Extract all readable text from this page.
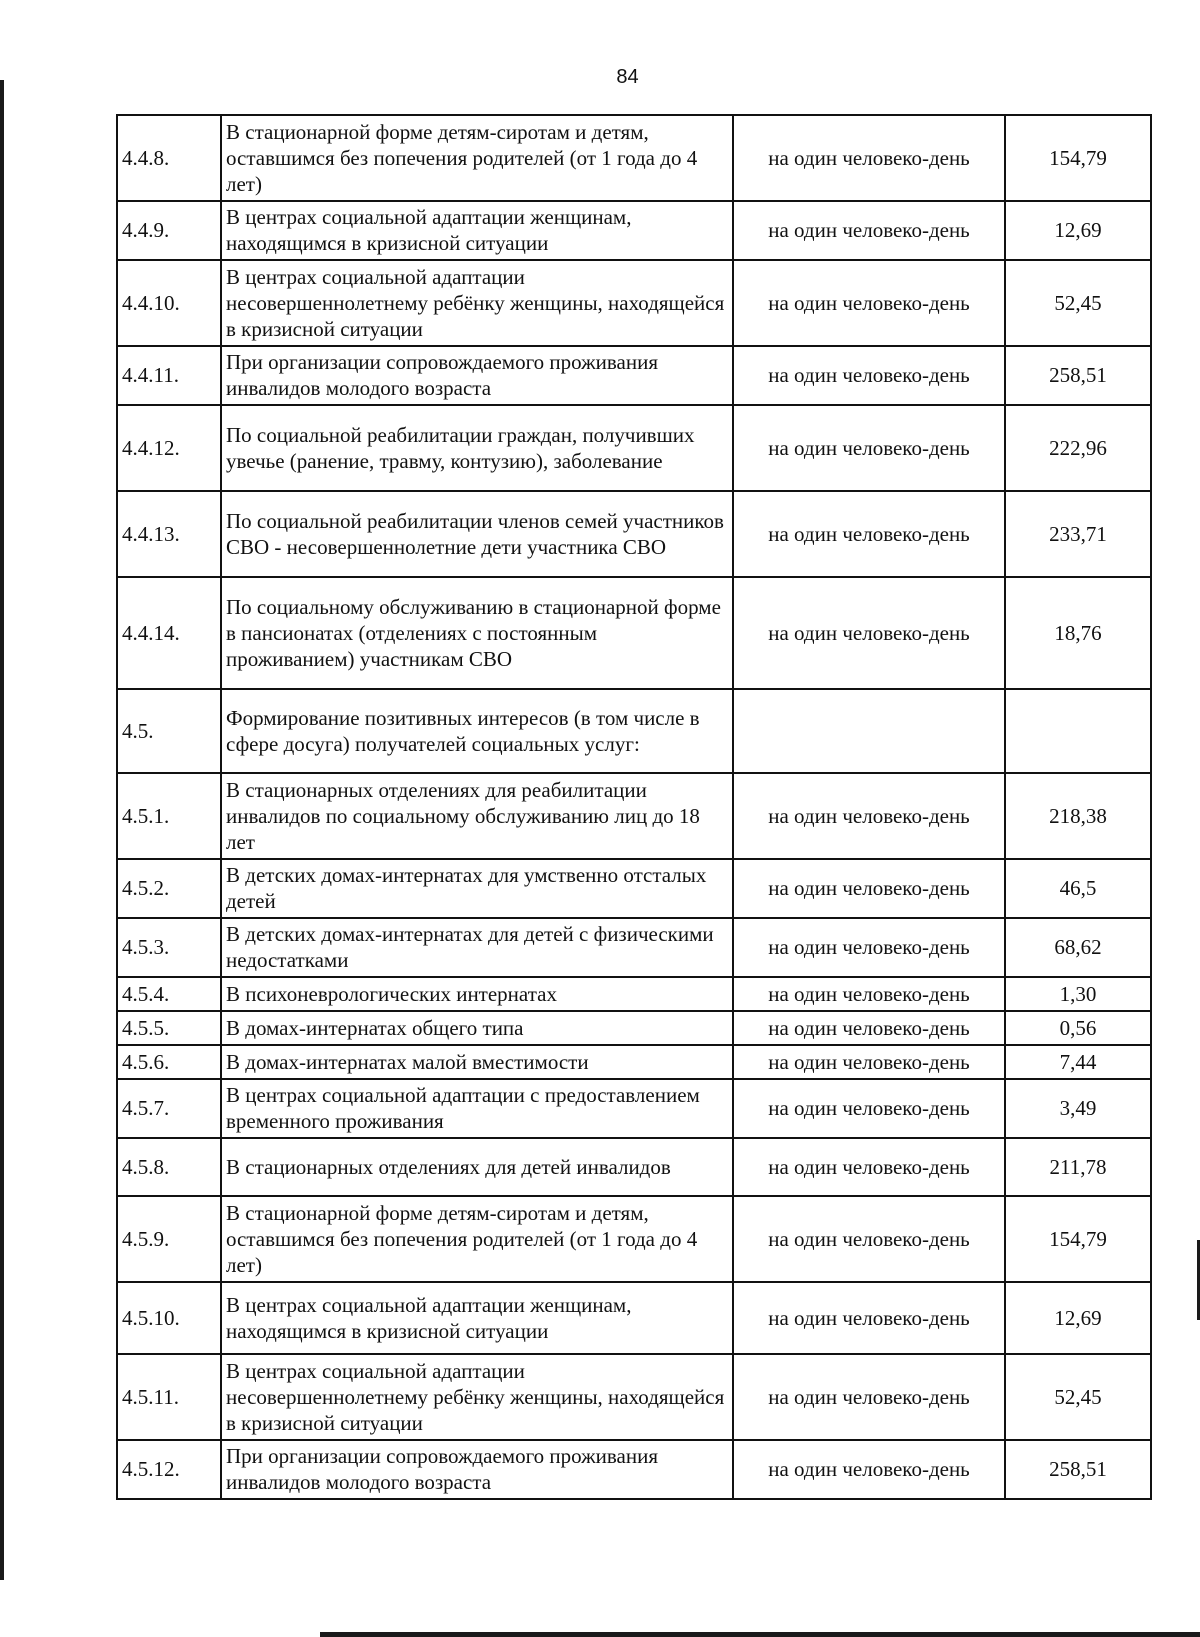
84
4.4.8.	В стационарной форме детям-сиротам и детям, оставшимся без попечения родителей (от 1 года до 4 лет)	на один человеко-день	154,79
4.4.9.	В центрах социальной адаптации женщинам, находящимся в кризисной ситуации	на один человеко-день	12,69
4.4.10.	В центрах социальной адаптации несовершеннолетнему ребёнку женщины, находящейся в кризисной ситуации	на один человеко-день	52,45
4.4.11.	При организации сопровождаемого проживания инвалидов молодого возраста	на один человеко-день	258,51
4.4.12.	По социальной реабилитации граждан, получивших увечье (ранение, травму, контузию), заболевание	на один человеко-день	222,96
4.4.13.	По социальной реабилитации членов семей участников СВО - несовершеннолетние дети участника СВО	на один человеко-день	233,71
4.4.14.	По социальному обслуживанию в стационарной форме в пансионатах (отделениях с постоянным проживанием) участникам СВО	на один человеко-день	18,76
4.5.	Формирование позитивных интересов (в том числе в сфере досуга) получателей социальных услуг:		
4.5.1.	В стационарных отделениях для реабилитации инвалидов по социальному обслуживанию лиц до 18 лет	на один человеко-день	218,38
4.5.2.	В детских домах-интернатах для умственно отсталых детей	на один человеко-день	46,5
4.5.3.	В детских домах-интернатах для детей с физическими недостатками	на один человеко-день	68,62
4.5.4.	В психоневрологических интернатах	на один человеко-день	1,30
4.5.5.	В домах-интернатах общего типа	на один человеко-день	0,56
4.5.6.	В домах-интернатах малой вместимости	на один человеко-день	7,44
4.5.7.	В центрах социальной адаптации с предоставлением временного проживания	на один человеко-день	3,49
4.5.8.	В стационарных отделениях для детей инвалидов	на один человеко-день	211,78
4.5.9.	В стационарной форме детям-сиротам и детям, оставшимся без попечения родителей (от 1 года до 4 лет)	на один человеко-день	154,79
4.5.10.	В центрах социальной адаптации женщинам, находящимся в кризисной ситуации	на один человеко-день	12,69
4.5.11.	В центрах социальной адаптации несовершеннолетнему ребёнку женщины, находящейся в кризисной ситуации	на один человеко-день	52,45
4.5.12.	При организации сопровождаемого проживания инвалидов молодого возраста	на один человеко-день	258,51
